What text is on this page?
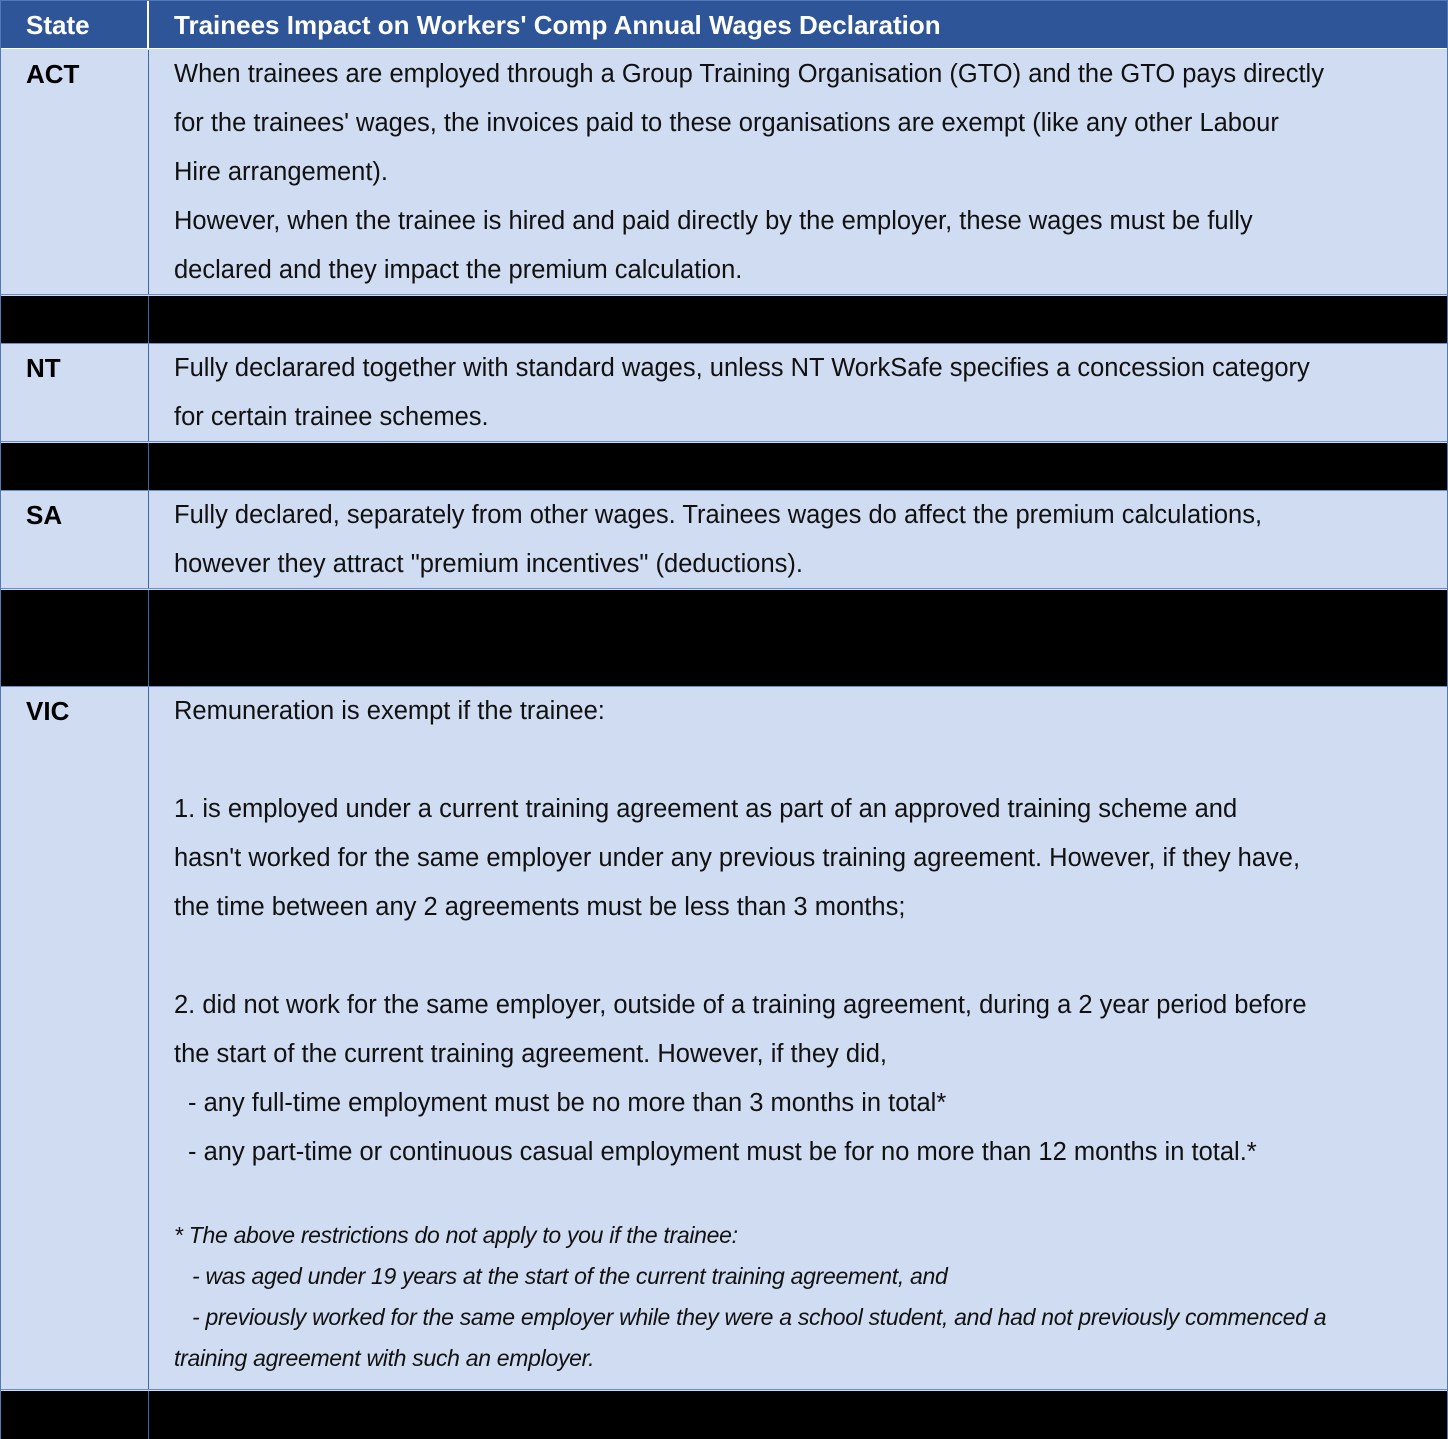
State	Trainees Impact on Workers' Comp Annual Wages Declaration
ACT	When trainees are employed through a Group Training Organisation (GTO) and the GTO pays directly
for the trainees' wages, the invoices paid to these organisations are exempt (like any other Labour
Hire arrangement).
However, when the trainee is hired and paid directly by the employer, these wages must be fully
declared and they impact the premium calculation.
NT	Fully declarared together with standard wages, unless NT WorkSafe specifies a concession category
for certain trainee schemes.
SA	Fully declared, separately from other wages. Trainees wages do affect the premium calculations,
however they attract "premium incentives" (deductions).
VIC	Remuneration is exempt if the trainee:
1. is employed under a current training agreement as part of an approved training scheme and
hasn't worked for the same employer under any previous training agreement. However, if they have,
the time between any 2 agreements must be less than 3 months;
2. did not work for the same employer, outside of a training agreement, during a 2 year period before
the start of the current training agreement. However, if they did,
- any full-time employment must be no more than 3 months in total*
- any part-time or continuous casual employment must be for no more than 12 months in total.*
* The above restrictions do not apply to you if the trainee:
- was aged under 19 years at the start of the current training agreement, and
- previously worked for the same employer while they were a school student, and had not previously commenced a
training agreement with such an employer.
